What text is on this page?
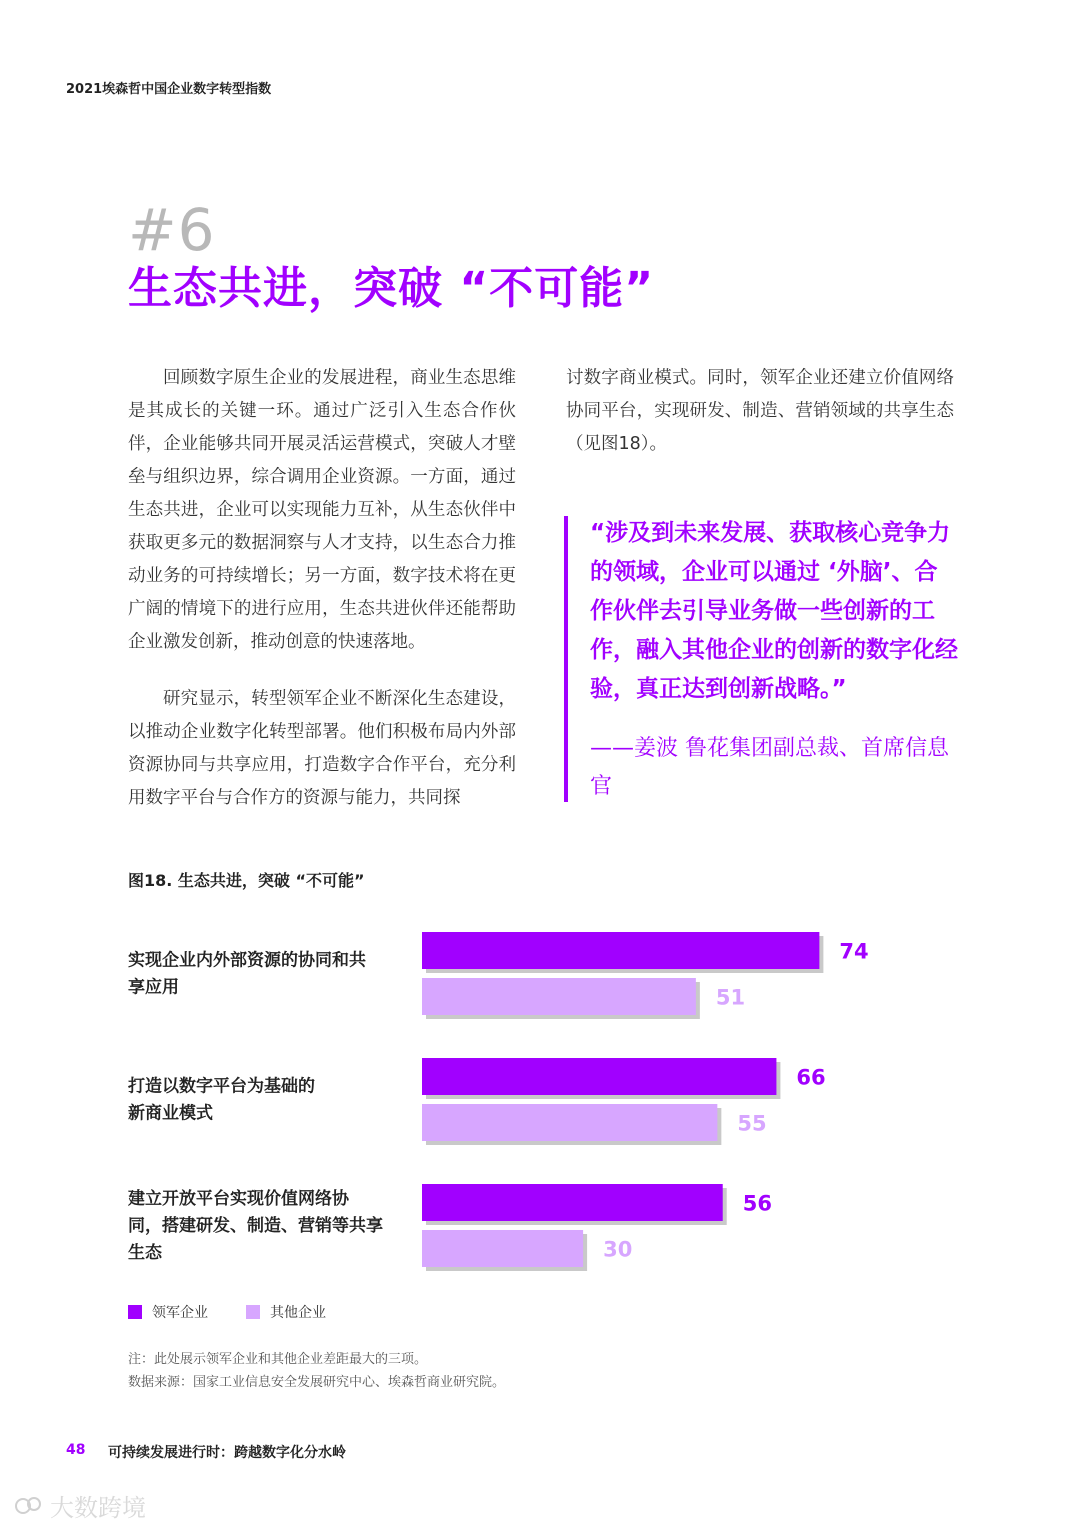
2021埃森哲中国企业数字转型指数
#6
生态共进，突破 “不可能”

回顾数字原生企业的发展进程，商业生态思维是其成长的关键一环。通过广泛引入生态合作伙伴，企业能够共同开展灵活运营模式，突破人才壁垒与组织边界，综合调用企业资源。一方面，通过生态共进，企业可以实现能力互补，从生态伙伴中获取更多元的数据洞察与人才支持，以生态合力推动业务的可持续增长；另一方面，数字技术将在更广阔的情境下的进行应用，生态共进伙伴还能帮助企业激发创新，推动创意的快速落地。

研究显示，转型领军企业不断深化生态建设，以推动企业数字化转型部署。他们积极布局内外部资源协同与共享应用，打造数字合作平台，充分利用数字平台与合作方的资源与能力，共同探

讨数字商业模式。同时，领军企业还建立价值网络协同平台，实现研发、制造、营销领域的共享生态（见图18）。

“涉及到未来发展、获取核心竞争力的领域，企业可以通过 ‘外脑’、合作伙伴去引导业务做一些创新的工作，融入其他企业的创新的数字化经验，真正达到创新战略。”
——姜波 鲁花集团副总裁、首席信息官
图18. 生态共进，突破 “不可能”
实现企业内外部资源的协同和共享应用
74
51
打造以数字平台为基础的新商业模式
66
55
建立开放平台实现价值网络协同，搭建研发、制造、营销等共享生态
56
30
领军企业	其他企业
注：此处展示领军企业和其他企业差距最大的三项。
数据来源：国家工业信息安全发展研究中心、埃森哲商业研究院。
48 可持续发展进行时：跨越数字化分水岭
大数跨境
